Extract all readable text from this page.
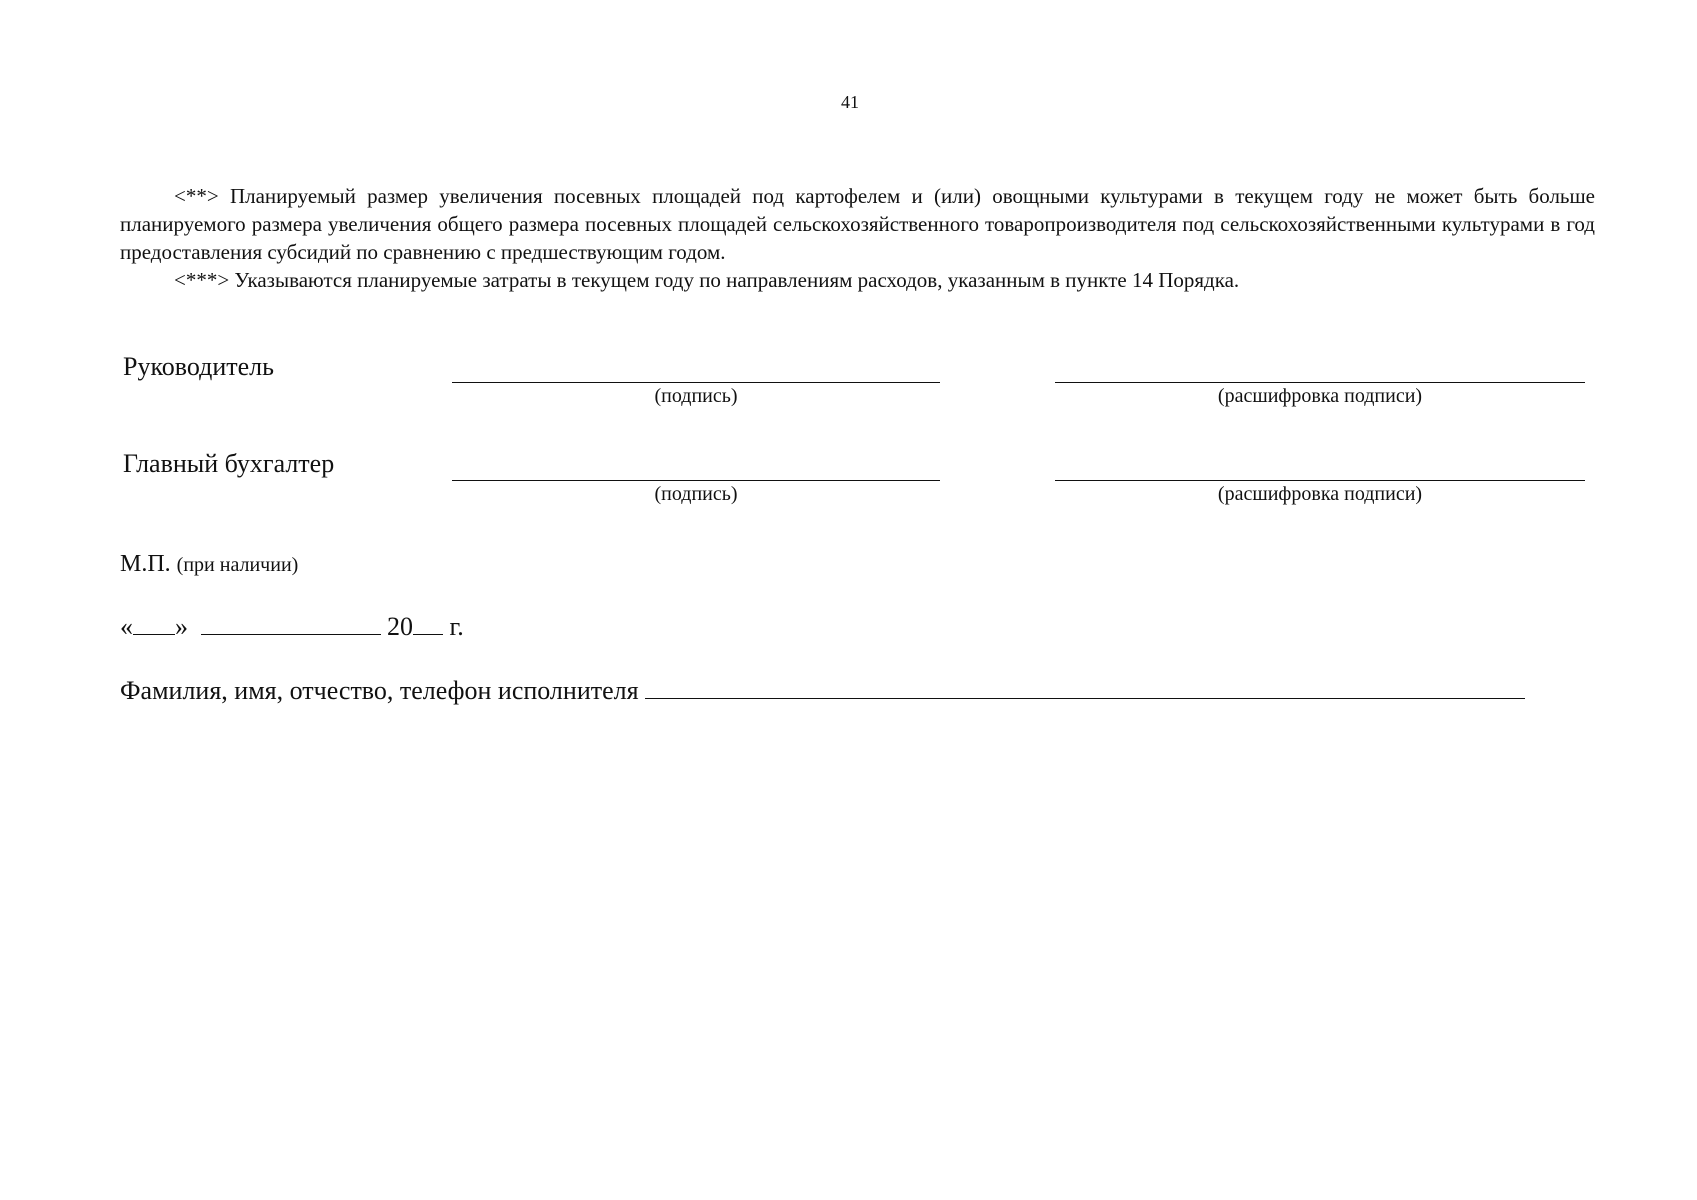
41

<**> Планируемый размер увеличения посевных площадей под картофелем и (или) овощными культурами в текущем году не может быть больше планируемого размера увеличения общего размера посевных площадей сельскохозяйственного товаропроизводителя под сельскохозяйственными культурами в год предоставления субсидий по сравнению с предшествующим годом.

<***> Указываются планируемые затраты в текущем году по направлениям расходов, указанным в пункте 14 Порядка.

Руководитель
(подпись)	(расшифровка подписи)
Главный бухгалтер
(подпись)	(расшифровка подписи)
М.П. (при наличии)
« »	20 г.
Фамилия, имя, отчество, телефон исполнителя
